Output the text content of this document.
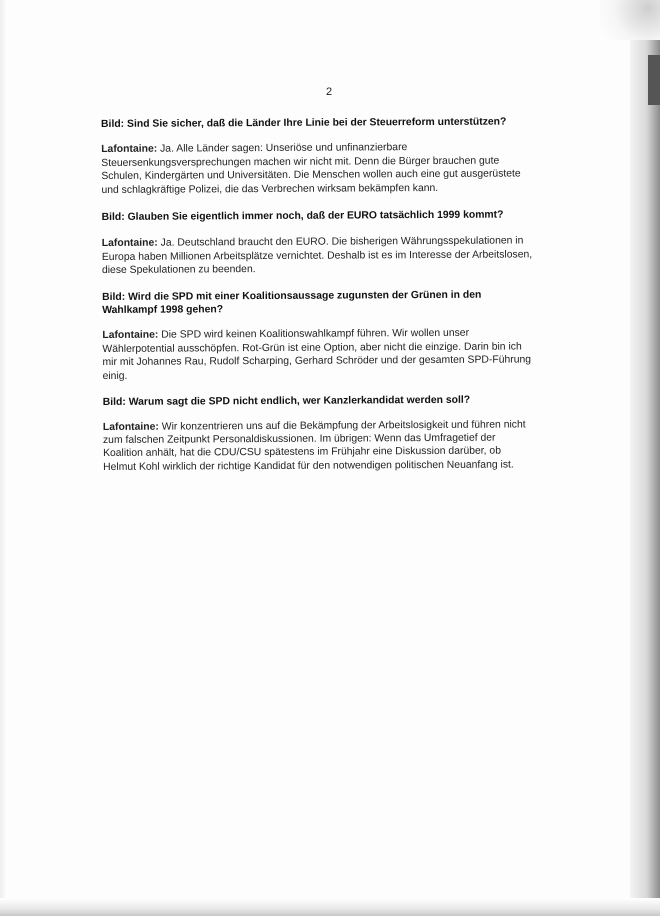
2

Bild: Sind Sie sicher, daß die Länder Ihre Linie bei der Steuerreform unterstützen?

Lafontaine: Ja. Alle Länder sagen: Unseriöse und unfinanzierbare Steuersenkungsversprechungen machen wir nicht mit. Denn die Bürger brauchen gute Schulen, Kindergärten und Universitäten. Die Menschen wollen auch eine gut ausgerüstete und schlagkräftige Polizei, die das Verbrechen wirksam bekämpfen kann.

Bild: Glauben Sie eigentlich immer noch, daß der EURO tatsächlich 1999 kommt?

Lafontaine: Ja. Deutschland braucht den EURO. Die bisherigen Währungsspekulationen in Europa haben Millionen Arbeitsplätze vernichtet. Deshalb ist es im Interesse der Arbeitslosen, diese Spekulationen zu beenden.

Bild: Wird die SPD mit einer Koalitionsaussage zugunsten der Grünen in den Wahlkampf 1998 gehen?

Lafontaine: Die SPD wird keinen Koalitionswahlkampf führen. Wir wollen unser Wählerpotential ausschöpfen. Rot-Grün ist eine Option, aber nicht die einzige. Darin bin ich mir mit Johannes Rau, Rudolf Scharping, Gerhard Schröder und der gesamten SPD-Führung einig.

Bild: Warum sagt die SPD nicht endlich, wer Kanzlerkandidat werden soll?

Lafontaine: Wir konzentrieren uns auf die Bekämpfung der Arbeitslosigkeit und führen nicht zum falschen Zeitpunkt Personaldiskussionen. Im übrigen: Wenn das Umfragetief der Koalition anhält, hat die CDU/CSU spätestens im Frühjahr eine Diskussion darüber, ob Helmut Kohl wirklich der richtige Kandidat für den notwendigen politischen Neuanfang ist.
